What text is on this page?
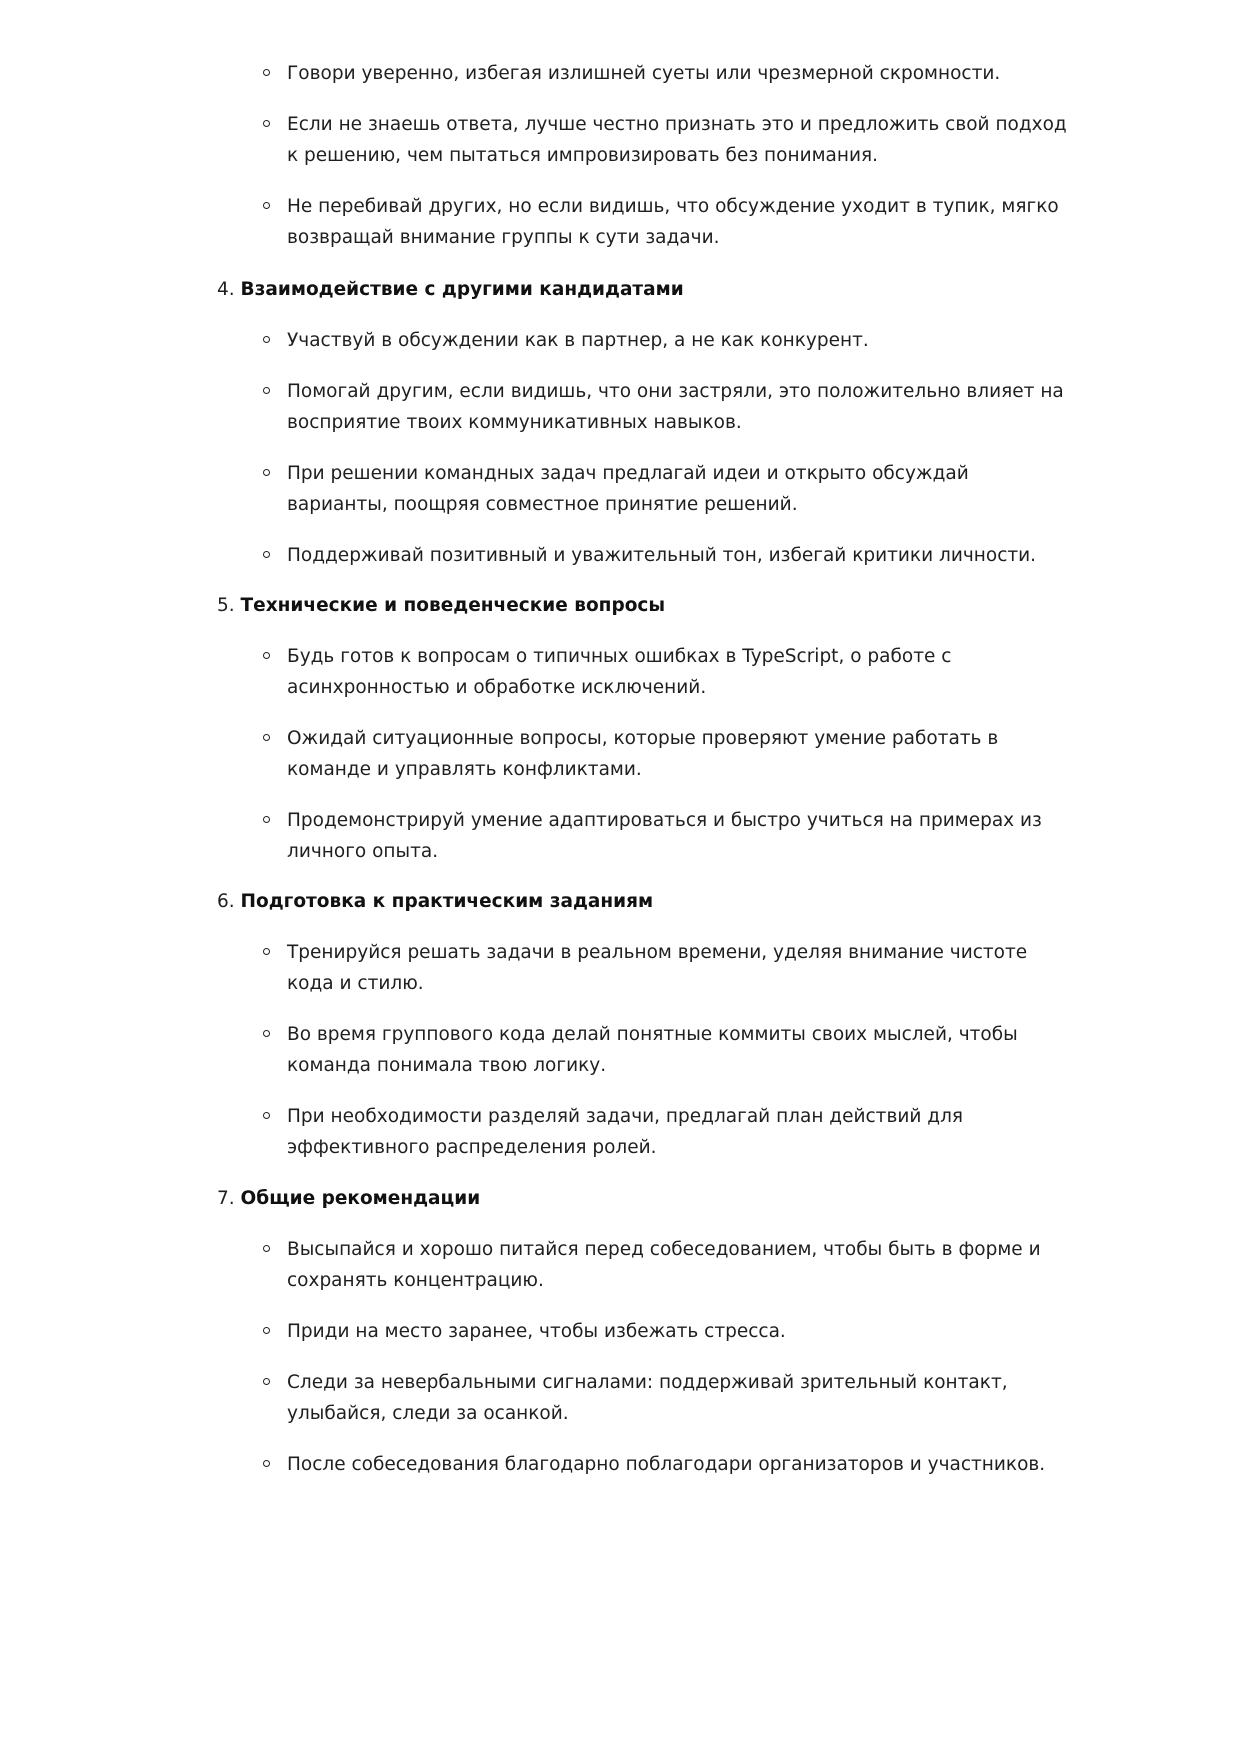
Говори уверенно, избегая излишней суеты или чрезмерной скромности.
Если не знаешь ответа, лучше честно признать это и предложить свой подход к решению, чем пытаться импровизировать без понимания.
Не перебивай других, но если видишь, что обсуждение уходит в тупик, мягко возвращай внимание группы к сути задачи.
4. Взаимодействие с другими кандидатами
Участвуй в обсуждении как в партнер, а не как конкурент.
Помогай другим, если видишь, что они застряли, это положительно влияет на восприятие твоих коммуникативных навыков.
При решении командных задач предлагай идеи и открыто обсуждай варианты, поощряя совместное принятие решений.
Поддерживай позитивный и уважительный тон, избегай критики личности.
5. Технические и поведенческие вопросы
Будь готов к вопросам о типичных ошибках в TypeScript, о работе с асинхронностью и обработке исключений.
Ожидай ситуационные вопросы, которые проверяют умение работать в команде и управлять конфликтами.
Продемонстрируй умение адаптироваться и быстро учиться на примерах из личного опыта.
6. Подготовка к практическим заданиям
Тренируйся решать задачи в реальном времени, уделяя внимание чистоте кода и стилю.
Во время группового кода делай понятные коммиты своих мыслей, чтобы команда понимала твою логику.
При необходимости разделяй задачи, предлагай план действий для эффективного распределения ролей.
7. Общие рекомендации
Высыпайся и хорошо питайся перед собеседованием, чтобы быть в форме и сохранять концентрацию.
Приди на место заранее, чтобы избежать стресса.
Следи за невербальными сигналами: поддерживай зрительный контакт, улыбайся, следи за осанкой.
После собеседования благодарно поблагодари организаторов и участников.
